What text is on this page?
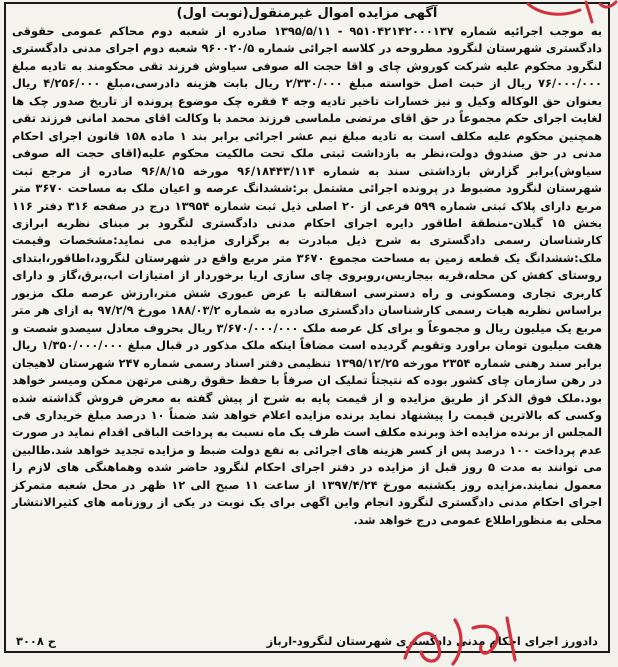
آگهی مزایده اموال غیرمنقول(نوبت اول)

به موجب اجرائیه شماره ۹۵۱۰۴۲۱۴۲۰۰۰۱۳۷ - ۱۳۹۵/۵/۱۱ صادره از شعبه دوم محاکم عمومی حقوقی دادگستری شهرستان لنگرود مطروحه در کلاسه اجرائی شماره ۹۶۰۰۲۰/۵ شعبه دوم اجرای مدنی دادگستری لنگرود محکوم علیه شرکت کوروش چای و اقا حجت اله صوفی سیاوش فرزند تقی محکومند به تادیه مبلغ ۷۶/۰۰۰/۰۰۰ ریال از حبت اصل خواسته مبلغ ۲/۳۳۰/۰۰۰ ریال بابت هزینه دادرسی،مبلغ ۴/۲۵۶/۰۰۰ ریال بعنوان حق الوکاله وکیل و نیز خسارات تاخیر تادیه وجه ۴ فقره چک موضوع پرونده از تاریخ صدور چک ها لغایت اجرای حکم مجموعاً در حق اقای مرتضی ملماسی فرزند محمد با وکالت اقای محمد امانی فرزند تقی همچنین محکوم علیه مکلف است به تادیه مبلغ نیم عشر اجرائی برابر بند ۱ ماده ۱۵۸ قانون اجرای احکام مدنی در حق صندوق دولت،نظر به بازداشت ثبتی ملک تحت مالکیت محکوم علیه(اقای حجت اله صوفی سیاوش)برابر گزارش بازداشتی سند به شماره ۹۶/۱۸۴۴۳/۱۱۴ مورخه ۹۶/۸/۱۵ صادره از مرجع ثبت شهرستان لنگرود مضبوط در پرونده اجرائی مشتمل بر:ششدانگ عرصه و اعیان ملک به مساحت ۳۶۷۰ متر مربع دارای پلاک ثبتی شماره ۵۹۹ فرعی از ۲۰ اصلی ذیل ثبت شماره ۱۳۹۵۴ درج در صفحه ۳۱۶ دفتر ۱۱۶ بخش ۱۵ گیلان-منطقة اطاقور دایره اجرای احکام مدنی دادگستری لنگرود بر مبنای نظریه ابرازی کارشناسان رسمی دادگستری به شرح ذیل مبادرت به برگزاری مزایده می نماید:مشخصات وقیمت ملک:ششدانگ یک قطعه زمین به مساحت مجموع ۳۶۷۰ متر مربع واقع در شهرستان لنگرود،اطاقور،ابتدای روستای کفش کن محله،قریه بیجاریس،روبروی چای سازی اریا برخوردار از امتیازات اب،برق،گاز و دارای کاربری تجاری ومسکونی و راه دسترسی اسفالته با عرض عبوری شش متر،ارزش عرصه ملک مزبور براساس نظریه هیات رسمی کارشناسان دادگستری صادره به شماره ۱۸۸/۰۳/۲ مورخ ۹۷/۲/۹ به ازای هر متر مربع یک میلیون ریال و مجموعاً و برای کل عرصه ملک ۳/۶۷۰/۰۰۰/۰۰۰ ریال بحروف معادل سیصدو شصت و هفت میلیون تومان براورد وتقویم گردیده است مضافاً اینکه ملک مذکور در قبال مبلغ ۱/۳۵۰/۰۰۰/۰۰۰ ریال برابر سند رهنی شماره ۲۳۵۴ مورخه ۱۳۹۵/۱۲/۲۵ تنظیمی دفتر اسناد رسمی شماره ۲۴۷ شهرستان لاهیجان در رهن سازمان چای کشور بوده که نتیجتاً تملیک ان صرفاً با حفظ حقوق رهنی مرتهن ممکن ومیسر خواهد بود.ملک فوق الذکر از طریق مزایده و از قیمت پایه به شرح از پیش گفته به معرض فروش گذاشته شده وکسی که بالاترین قیمت را پیشنهاد نماید برنده مزایده اعلام خواهد شد ضمناً ۱۰ درصد مبلغ خریداری فی المجلس از برنده مزایده اخذ وبرنده مکلف است ظرف یک ماه نسبت به پرداخت الباقی اقدام نماید در صورت عدم پرداخت ۱۰۰ درصد پس از کسر هزینه های اجرائی به نفع دولت ضبط و مزایده تجدید خواهد شد.طالبین می توانند به مدت ۵ روز قبل از مزایده در دفتر اجرای احکام لنگرود حاضر شده وهماهنگی های لازم را معمول نمایند.مزایده روز یکشنبه مورخ ۱۳۹۷/۴/۲۴ از ساعت ۱۱ صبح الی ۱۲ ظهر در محل شعبه متمرکز اجرای احکام مدنی دادگستری لنگرود انجام واین اگهی برای یک نوبت در یکی از روزنامه های کثیرالانتشار محلی به منظوراطلاع عمومی درج خواهد شد.

دادورز اجرای احکام مدنی دادگستری شهرستان لنگرود-ارباز
ح ۳۰۰۸
